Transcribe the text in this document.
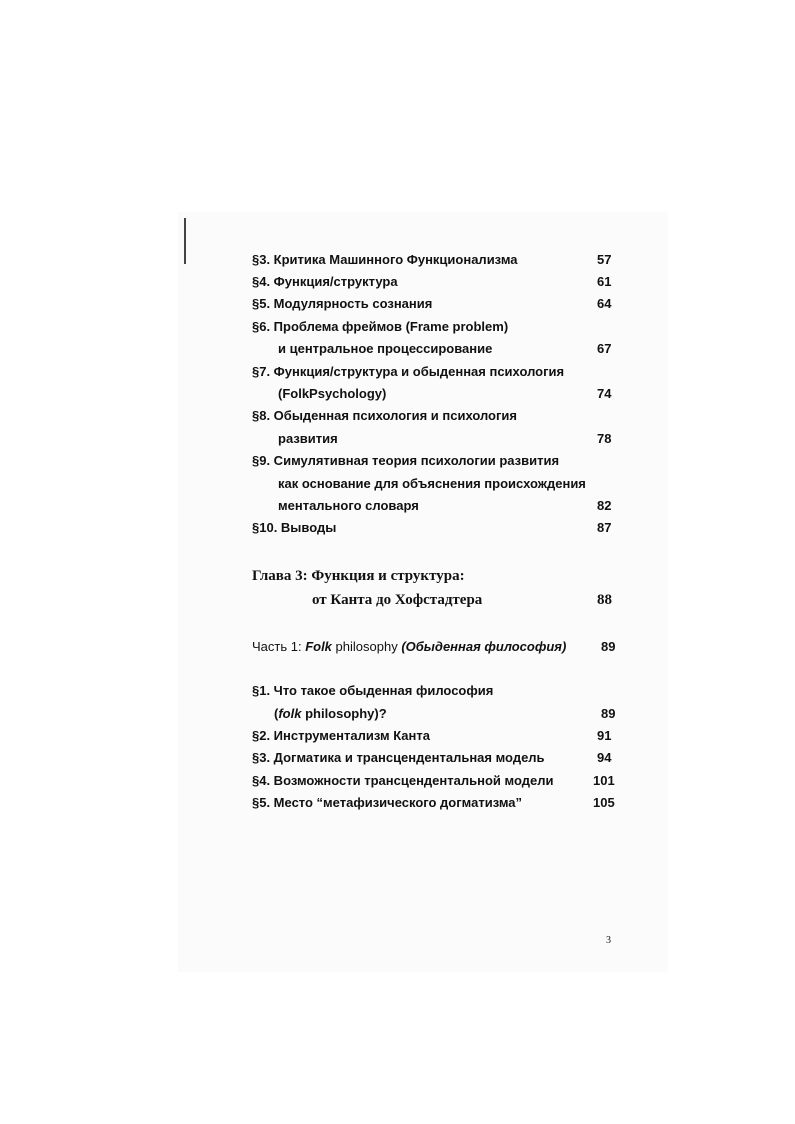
§3. Критика Машинного Функционализма	57
§4. Функция/структура	61
§5. Модулярность сознания	64
§6. Проблема фреймов (Frame problem)
и центральное процессирование	67
§7. Функция/структура и обыденная психология
(FolkPsychology)	74
§8. Обыденная психология и психология
развития	78
§9. Симулятивная теория психологии развития
как основание для объяснения происхождения
ментального словаря	82
§10. Выводы	87
Глава 3: Функция и структура:
от Канта до Хофстадтера	88
Часть 1: Folk philosophy (Обыденная философия)	89
§1. Что такое обыденная философия
(folk philosophy)?	89
§2. Инструментализм Канта	91
§3. Догматика и трансцендентальная модель	94
§4. Возможности трансцендентальной модели	101
§5. Место “метафизического догматизма”	105
3
